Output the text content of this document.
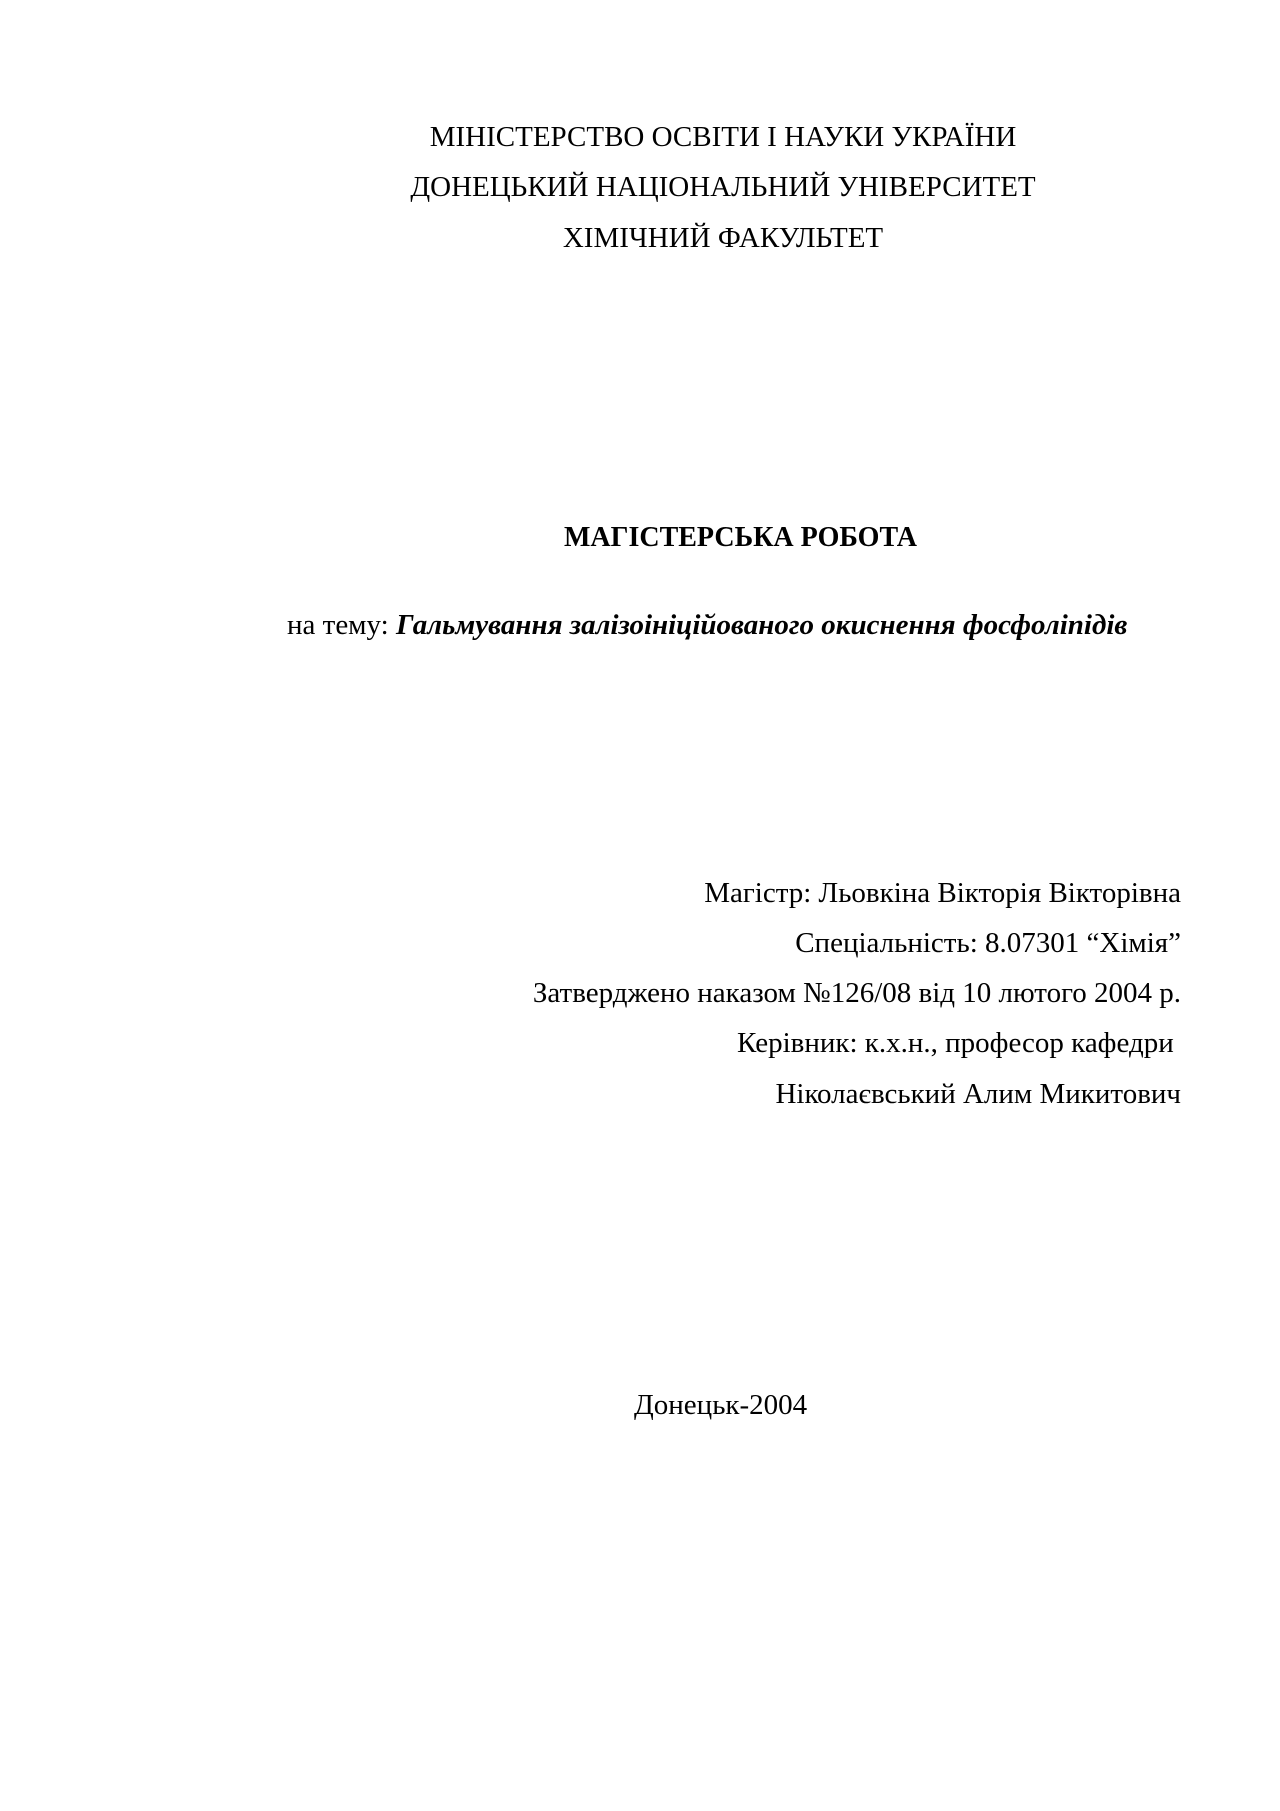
МІНІСТЕРСТВО ОСВІТИ І НАУКИ УКРАЇНИ
ДОНЕЦЬКИЙ НАЦІОНАЛЬНИЙ УНІВЕРСИТЕТ
ХІМІЧНИЙ ФАКУЛЬТЕТ
МАГІСТЕРСЬКА РОБОТА
на тему: Гальмування залізоініційованого окиснення фосфоліпідів
Магістр: Льовкіна Вікторія Вікторівна
Спеціальність: 8.07301 “Хімія”
Затверджено наказом №126/08 від 10 лютого 2004 р.
Керівник: к.х.н., професор кафедри
Ніколаєвський Алим Микитович
Донецьк-2004
